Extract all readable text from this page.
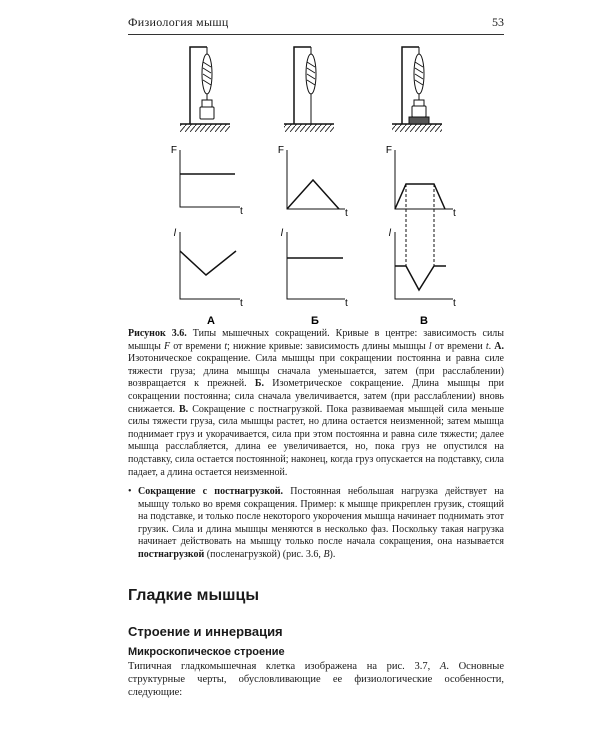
Физиология мышц	53
F
t
F
t
F
t
l
t
l
t
l
t
А	Б	В

Рисунок 3.6. Типы мышечных сокращений. Кривые в центре: зависимость силы мышцы F от времени t; нижние кривые: зависимость длины мышцы l от времени t. А. Изотоническое сокращение. Сила мышцы при сокращении постоянна и равна силе тяжести груза; длина мышцы сначала уменьшается, затем (при расслаблении) возвращается к прежней. Б. Изометрическое сокращение. Длина мышцы при сокращении постоянна; сила сначала увеличивается, затем (при расслаблении) вновь снижается. В. Сокращение с постнагрузкой. Пока развиваемая мышцей сила меньше силы тяжести груза, сила мышцы растет, но длина остается неизменной; затем мышца поднимает груз и укорачивается, сила при этом постоянна и равна силе тяжести; далее мышца расслабляется, длина ее увеличивается, но, пока груз не опустился на подставку, сила остается постоянной; наконец, когда груз опускается на подставку, сила падает, а длина остается неизменной.

• Сокращение с постнагрузкой. Постоянная небольшая нагрузка действует на мышцу только во время сокращения. Пример: к мышце прикреплен грузик, стоящий на подставке, и только после некоторого укорочения мышца начинает поднимать этот грузик. Сила и длина мышцы меняются в несколько фаз. Поскольку такая нагрузка начинает действовать на мышцу только после начала сокращения, она называется постнагрузкой (посленагрузкой) (рис. 3.6, В).

Гладкие мышцы
Строение и иннервация
Микроскопическое строение

Типичная гладкомышечная клетка изображена на рис. 3.7, А. Основные структурные черты, обусловливающие ее физиологические особенности, следующие:
